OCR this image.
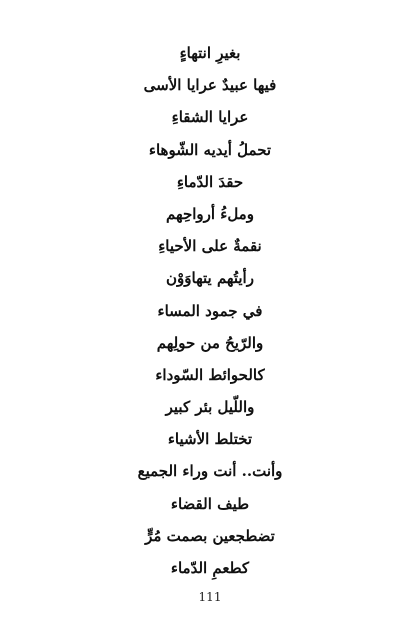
بغيرِ انتهاءٍ
فيها عبيدٌ عرايا الأسى
عرايا الشقاءِ
تحملُ أيديه الشّوهاء
حقدَ الدّماءِ
وملءُ أرواحِهم
نقمةٌ على الأحياءِ
رأيتُهم يتهاوَوْن
في جمود المساء
والرّيحُ من حولِهم
كالحوائط السّوداء
واللّيل بئر كبير
تختلط الأشياء
وأنت.. أنت وراء الجميع
طيف القضاء
تضطجعين بصمت مُرٍّ
كطعمِ الدّماء
111
